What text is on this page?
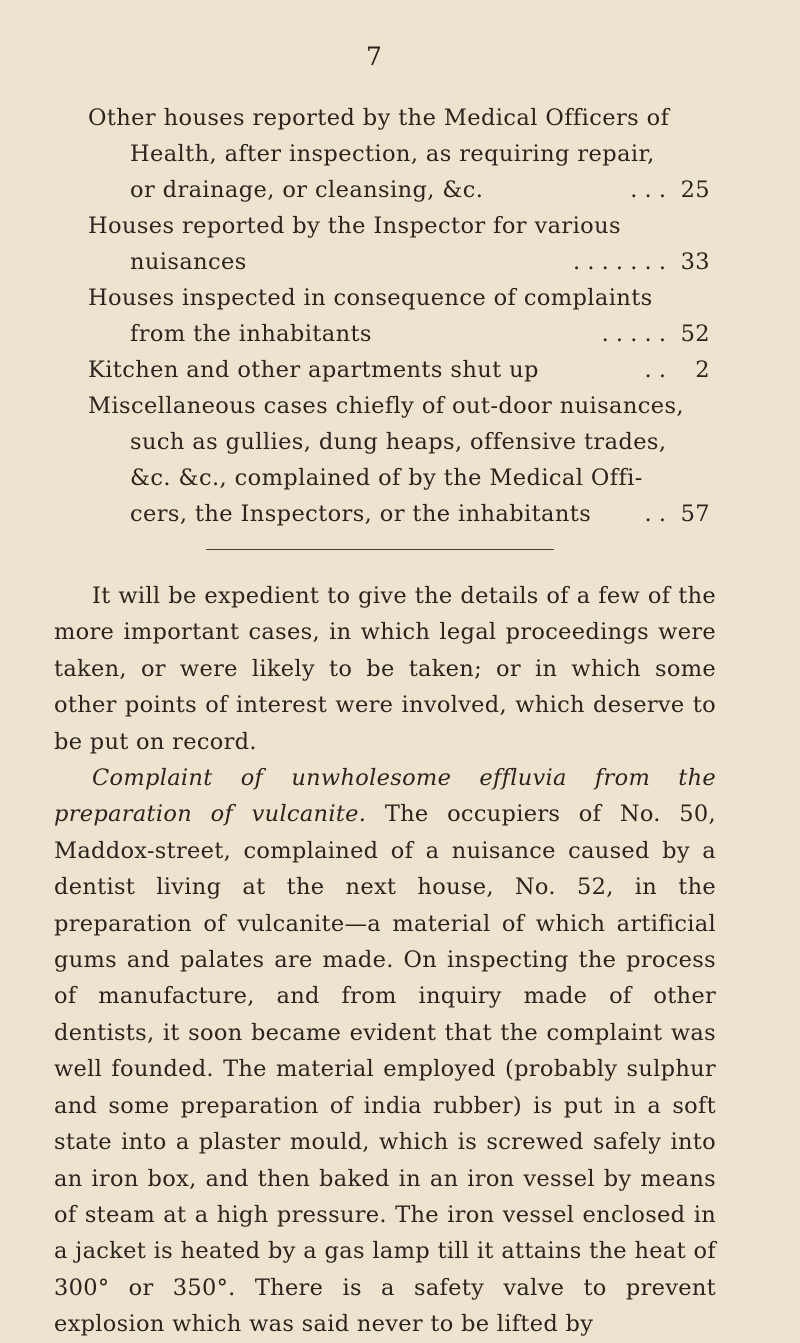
7
Other houses reported by the Medical Officers of
Health, after inspection, as requiring repair,
or drainage, or cleansing, &c.	. . . 25
Houses reported by the Inspector for various
nuisances	. . . . . . . 33
Houses inspected in consequence of complaints
from the inhabitants	. . . . . 52
Kitchen and other apartments shut up	. .	2
Miscellaneous cases chiefly of out-door nuisances,
such as gullies, dung heaps, offensive trades,
&c. &c., complained of by the Medical Offi-
cers, the Inspectors, or the inhabitants	. . 57

It will be expedient to give the details of a few of the more important cases, in which legal proceedings were taken, or were likely to be taken; or in which some other points of interest were involved, which deserve to be put on record.

Complaint of unwholesome effluvia from the preparation of vulcanite. The occupiers of No. 50, Maddox-street, complained of a nuisance caused by a dentist living at the next house, No. 52, in the preparation of vulcanite—a material of which artificial gums and palates are made. On inspecting the process of manufacture, and from inquiry made of other dentists, it soon became evident that the complaint was well founded. The material employed (probably sulphur and some preparation of india rubber) is put in a soft state into a plaster mould, which is screwed safely into an iron box, and then baked in an iron vessel by means of steam at a high pressure. The iron vessel enclosed in a jacket is heated by a gas lamp till it attains the heat of 300° or 350°. There is a safety valve to prevent explosion which was said never to be lifted by
